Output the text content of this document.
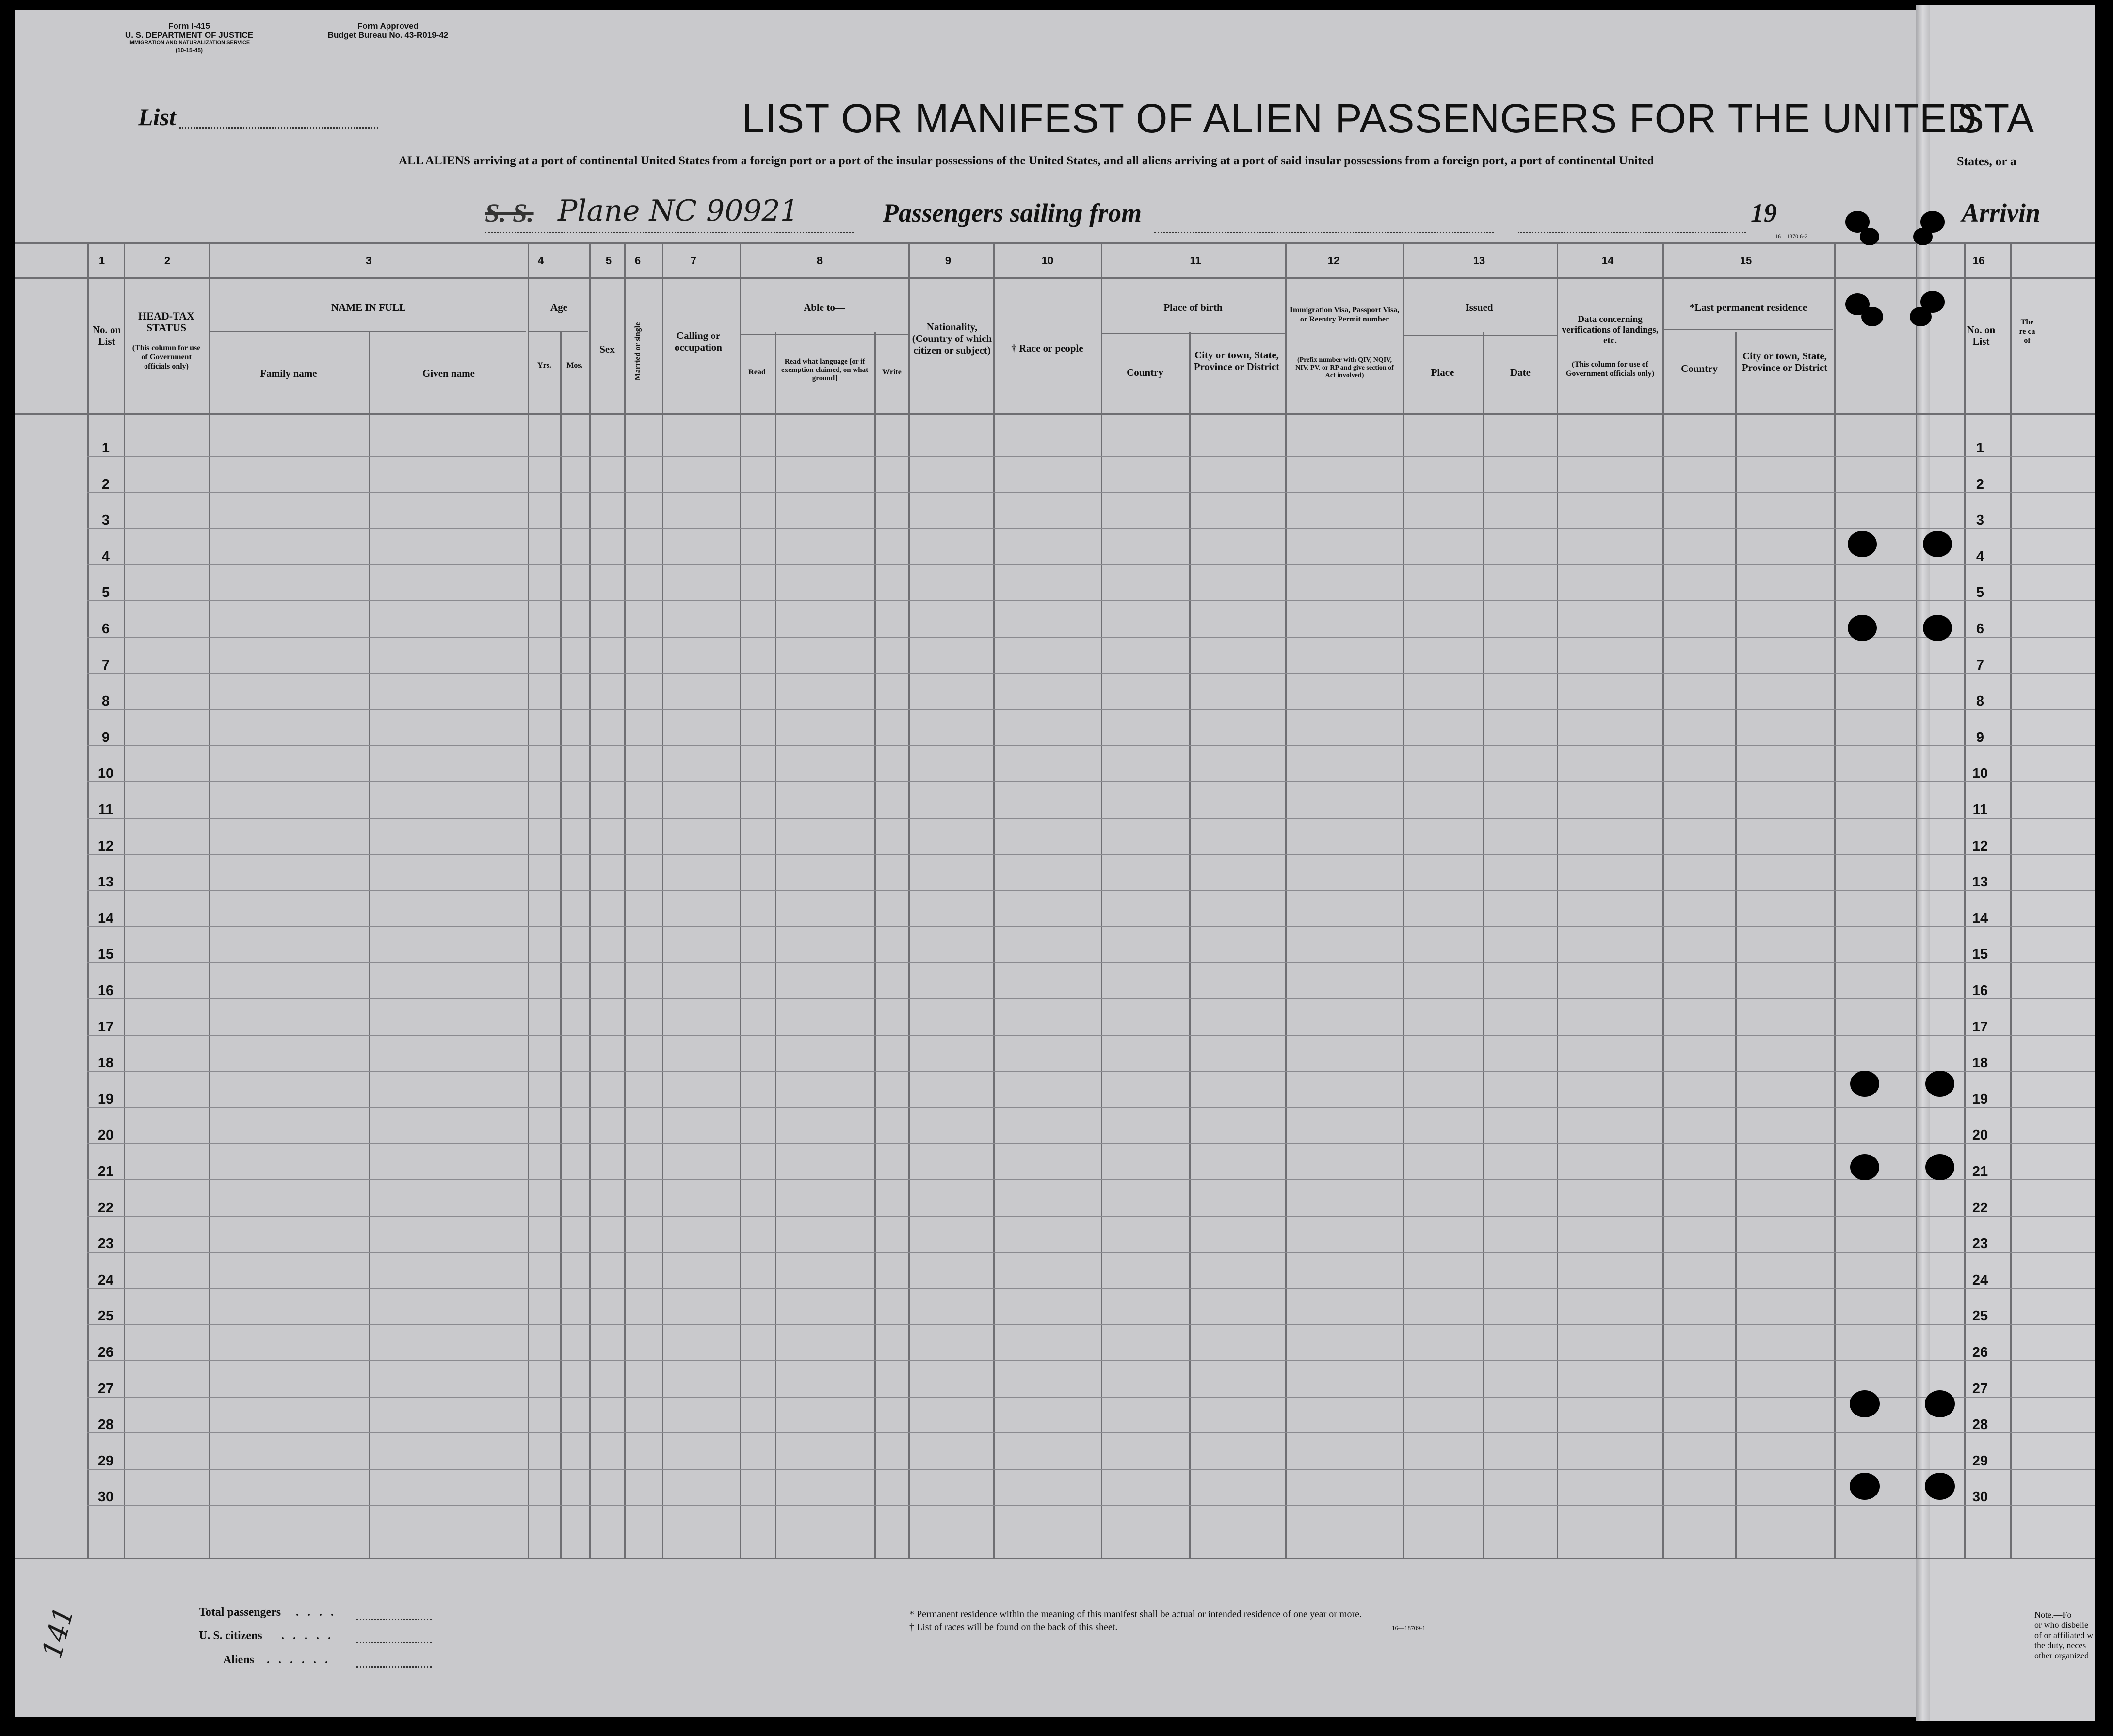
Form I-415
U. S. DEPARTMENT OF JUSTICE
IMMIGRATION AND NATURALIZATION SERVICE
(10-15-45)
Form Approved
Budget Bureau No. 43-R019-42
List	LIST OR MANIFEST OF ALIEN PASSENGERS FOR THE UNITED
STA
ALL ALIENS arriving at a port of continental United States from a foreign port or a port of the insular possessions of the United States, and all aliens arriving at a port of said insular possessions from a foreign port, a port of continental United	States, or a
S. S. Plane NC 90921	Passengers sailing from	19	Arrivin
16—1870 6-2
1	2	3	4	5	6	7	8	9	10	11	12	13	14	15	16
No. on List
HEAD-TAX STATUS
(This column for use of Government officials only)
NAME IN FULL
Family name	Given name
Age
Yrs.	Mos.
Sex	Married or single	Calling or occupation
Able to—
Read
Read what language [or if exemption claimed, on what ground]
Write
Nationality, (Country of which citizen or subject)	† Race or people
Place of birth
Country
City or town, State, Province or District
Immigration Visa, Passport Visa, or Reentry Permit number
(Prefix number with QIV, NQIV, NIV, PV, or RP and give section of Act involved)
Issued
Place	Date
Data concerning verifications of landings, etc.
(This column for use of Government officials only)
*Last permanent residence
Country
City or town, State, Province or District
No. on List
The re ca of
1	1
2	2
3	3
4	4
5	5
6	6
7	7
8	8
9	9
10	10
11	11
12	12
13	13
14	14
15	15
16	16
17	17
18	18
19	19
20	20
21	21
22	22
23	23
24	24
25	25
26	26
27	27
28	28
29	29
30	30
Total passengers . . . .
U. S. citizens . . . . .
Aliens . . . . . .
* Permanent residence within the meaning of this manifest shall be actual or intended residence of one year or more.
† List of races will be found on the back of this sheet.	16—18709-1
Note.—Fo
or who disbelie
of or affiliated w
the duty, neces
other organized
141
